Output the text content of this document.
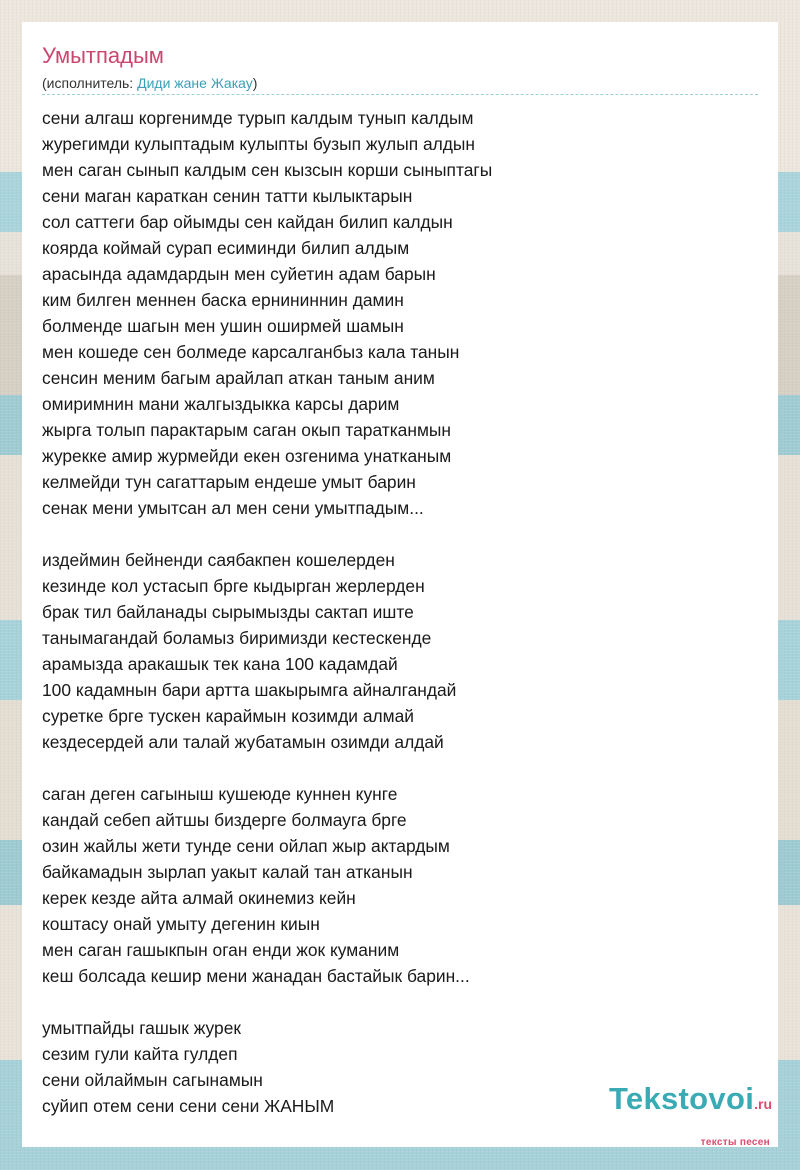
Умытпадым
(исполнитель: Диди жане Жакау)
сени алгаш коргенимде турып калдым тунып калдым
журегимди кулыптадым кулыпты бузып жулып алдын
мен саган сынып калдым сен кызсын корши сыныптагы
сени маган караткан сенин татти кылыктарын
сол саттеги бар ойымды сен кайдан билип калдын
коярда коймай сурап есиминди билип алдым
арасында адамдардын мен суйетин адам барын
ким билген меннен баска ернининнин дамин
болменде шагын мен ушин оширмей шамын
мен кошеде сен болмеде карсалганбыз кала танын
сенсин меним багым арайлап аткан таным аним
омиримнин мани жалгыздыкка карсы дарим
жырга толып парактарым саган окып таратканмын
журекке амир журмейди екен озгенима унатканым
келмейди тун сагаттарым ендеше умыт барин
сенак мени умытсан ал мен сени умытпадым...
издеймин бейненди саябакпен кошелерден
кезинде кол устасып брге кыдырган жерлерден
брак тил байланады сырымызды сактап иште
танымагандай боламыз биримизди кестескенде
арамызда аракашык тек кана 100 кадамдай
100 кадамнын бари артта шакырымга айналгандай
суретке брге тускен караймын козимди алмай
кездесердей али талай жубатамын озимди алдай
саган деген сагыныш кушеюде куннен кунге
кандай себеп айтшы биздерге болмауга брге
озин жайлы жети тунде сени ойлап жыр актардым
байкамадын зырлап уакыт калай тан атканын
керек кезде айта алмай окинемиз кейн
коштасу онай умыту дегенин киын
мен саган гашыкпын оган енди жок куманим
кеш болсада кешир мени жанадан бастайык барин...
умытпайды гашык журек
сезим гули кайта гулдеп
сени ойлаймын сагынамын
суйип отем сени сени сени ЖАНЫМ	Tekstovoi.ru
тексты песен
